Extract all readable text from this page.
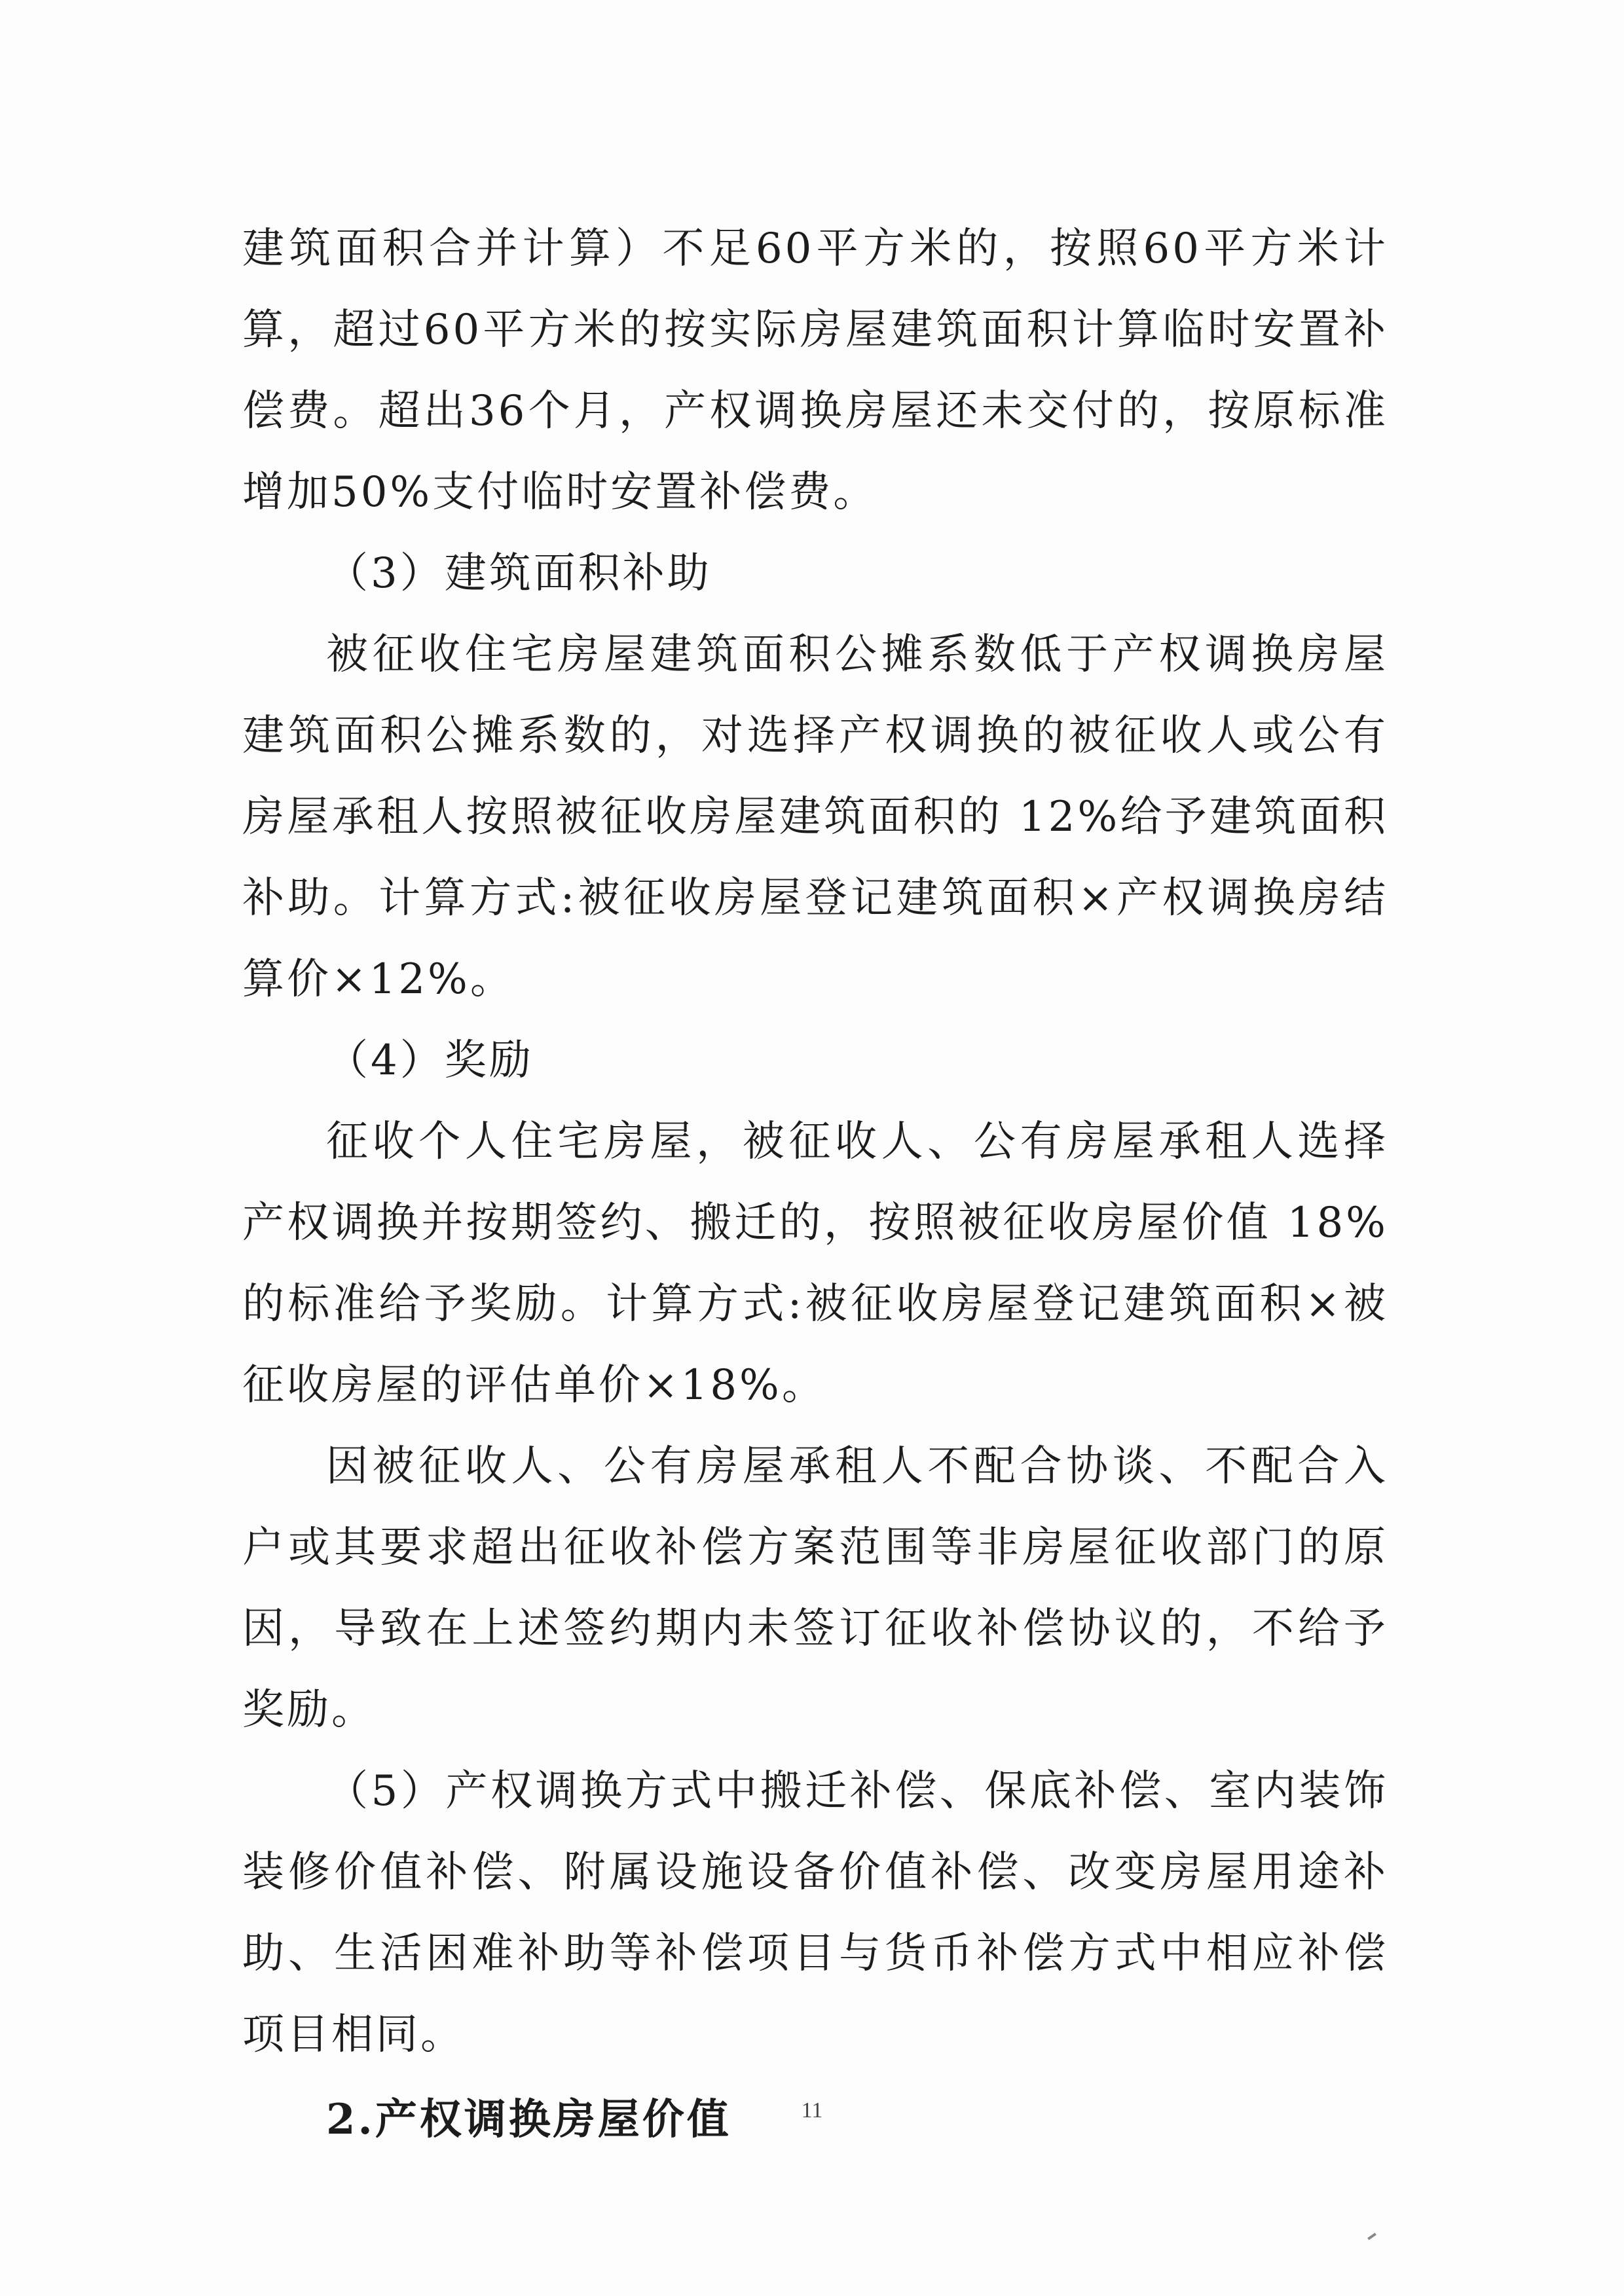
建筑面积合并计算）不足60平方米的，按照60平方米计算，超过60平方米的按实际房屋建筑面积计算临时安置补偿费。超出36个月，产权调换房屋还未交付的，按原标准增加50%支付临时安置补偿费。

（3）建筑面积补助

被征收住宅房屋建筑面积公摊系数低于产权调换房屋建筑面积公摊系数的，对选择产权调换的被征收人或公有房屋承租人按照被征收房屋建筑面积的 12%给予建筑面积补助。计算方式:被征收房屋登记建筑面积×产权调换房结算价×12%。

（4）奖励

征收个人住宅房屋，被征收人、公有房屋承租人选择产权调换并按期签约、搬迁的，按照被征收房屋价值 18%的标准给予奖励。计算方式:被征收房屋登记建筑面积×被征收房屋的评估单价×18%。

因被征收人、公有房屋承租人不配合协谈、不配合入户或其要求超出征收补偿方案范围等非房屋征收部门的原因，导致在上述签约期内未签订征收补偿协议的，不给予奖励。

（5）产权调换方式中搬迁补偿、保底补偿、室内装饰装修价值补偿、附属设施设备价值补偿、改变房屋用途补助、生活困难补助等补偿项目与货币补偿方式中相应补偿项目相同。

2.产权调换房屋价值	11
